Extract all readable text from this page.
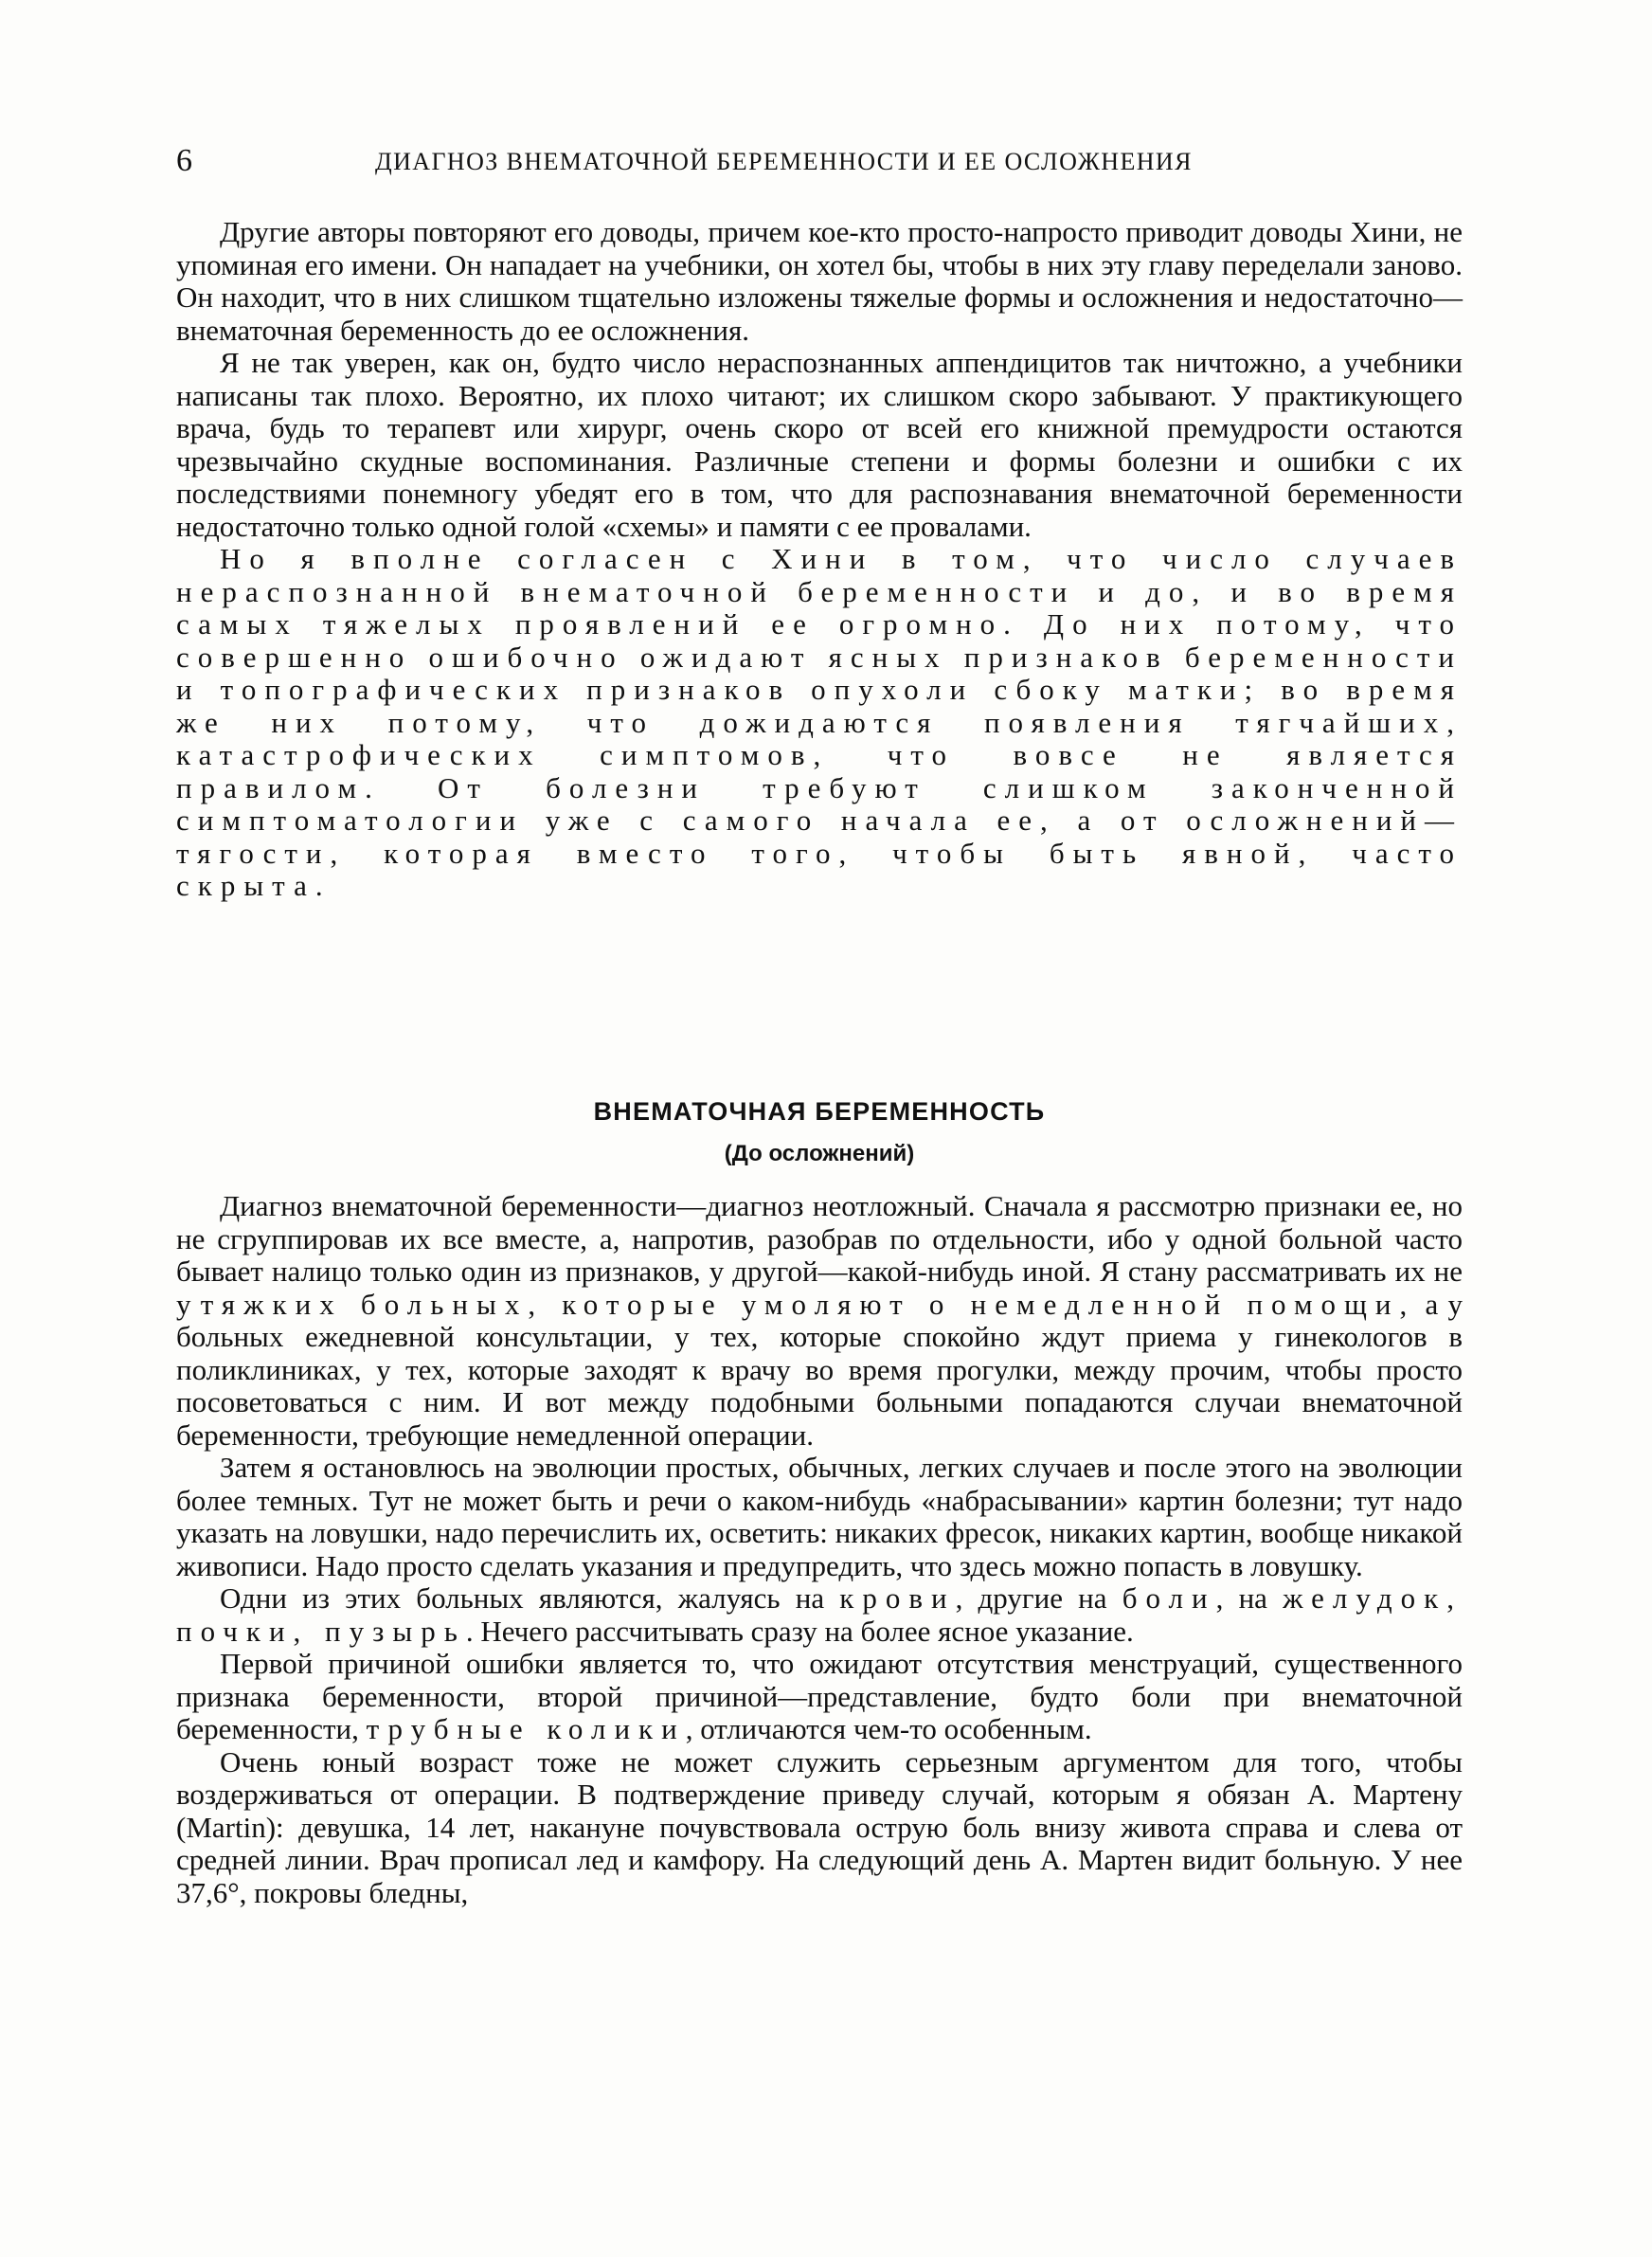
6	ДИАГНОЗ ВНЕМАТОЧНОЙ БЕРЕМЕННОСТИ И ЕЕ ОСЛОЖНЕНИЯ

Другие авторы повторяют его доводы, причем кое-кто просто-напросто приводит доводы Хини, не упоминая его имени. Он нападает на учебники, он хотел бы, чтобы в них эту главу переделали заново. Он находит, что в них слишком тщательно изложены тяжелые формы и осложнения и недостаточно—внематочная беременность до ее осложнения.

Я не так уверен, как он, будто число нераспознанных аппендицитов так ничтожно, а учебники написаны так плохо. Вероятно, их плохо читают; их слишком скоро забывают. У практикующего врача, будь то терапевт или хирург, очень скоро от всей его книжной премудрости остаются чрезвычайно скудные воспоминания. Различные степени и формы болезни и ошибки с их последствиями понемногу убедят его в том, что для распознавания внематочной беременности недостаточно только одной голой «схемы» и памяти с ее провалами.

Но я вполне согласен с Хини в том, что число случаев нераспознанной внематочной беременности и до, и во время самых тяжелых проявлений ее огромно. До них потому, что совершенно ошибочно ожидают ясных признаков беременности и топографических признаков опухоли сбоку матки; во время же них потому, что дожидаются появления тягчайших, катастрофических симптомов, что вовсе не является правилом. От болезни требуют слишком законченной симптоматологии уже с самого начала ее, а от осложнений—тягости, которая вместо того, чтобы быть явной, часто скрыта.

ВНЕМАТОЧНАЯ БЕРЕМЕННОСТЬ
(До осложнений)

Диагноз внематочной беременности—диагноз неотложный. Сначала я рассмотрю признаки ее, но не сгруппировав их все вместе, а, напротив, разобрав по отдельности, ибо у одной больной часто бывает налицо только один из признаков, у другой—какой-нибудь иной. Я стану рассматривать их не у тяжких больных, которые умоляют о немедленной помощи, а у больных ежедневной консультации, у тех, которые спокойно ждут приема у гинекологов в поликлиниках, у тех, которые заходят к врачу во время прогулки, между прочим, чтобы просто посоветоваться с ним. И вот между подобными больными попадаются случаи внематочной беременности, требующие немедленной операции.

Затем я остановлюсь на эволюции простых, обычных, легких случаев и после этого на эволюции более темных. Тут не может быть и речи о каком-нибудь «набрасывании» картин болезни; тут надо указать на ловушки, надо перечислить их, осветить: никаких фресок, никаких картин, вообще никакой живописи. Надо просто сделать указания и предупредить, что здесь можно попасть в ловушку.

Одни из этих больных являются, жалуясь на крови, другие на боли, на желудок, почки, пузырь. Нечего рассчитывать сразу на более ясное указание.

Первой причиной ошибки является то, что ожидают отсутствия менструаций, существенного признака беременности, второй причиной—представление, будто боли при внематочной беременности, трубные колики, отличаются чем-то особенным.

Очень юный возраст тоже не может служить серьезным аргументом для того, чтобы воздерживаться от операции. В подтверждение приведу случай, которым я обязан А. Мартену (Martin): девушка, 14 лет, накануне почувствовала острую боль внизу живота справа и слева от средней линии. Врач прописал лед и камфору. На следующий день А. Мартен видит больную. У нее 37,6°, покровы бледны,
